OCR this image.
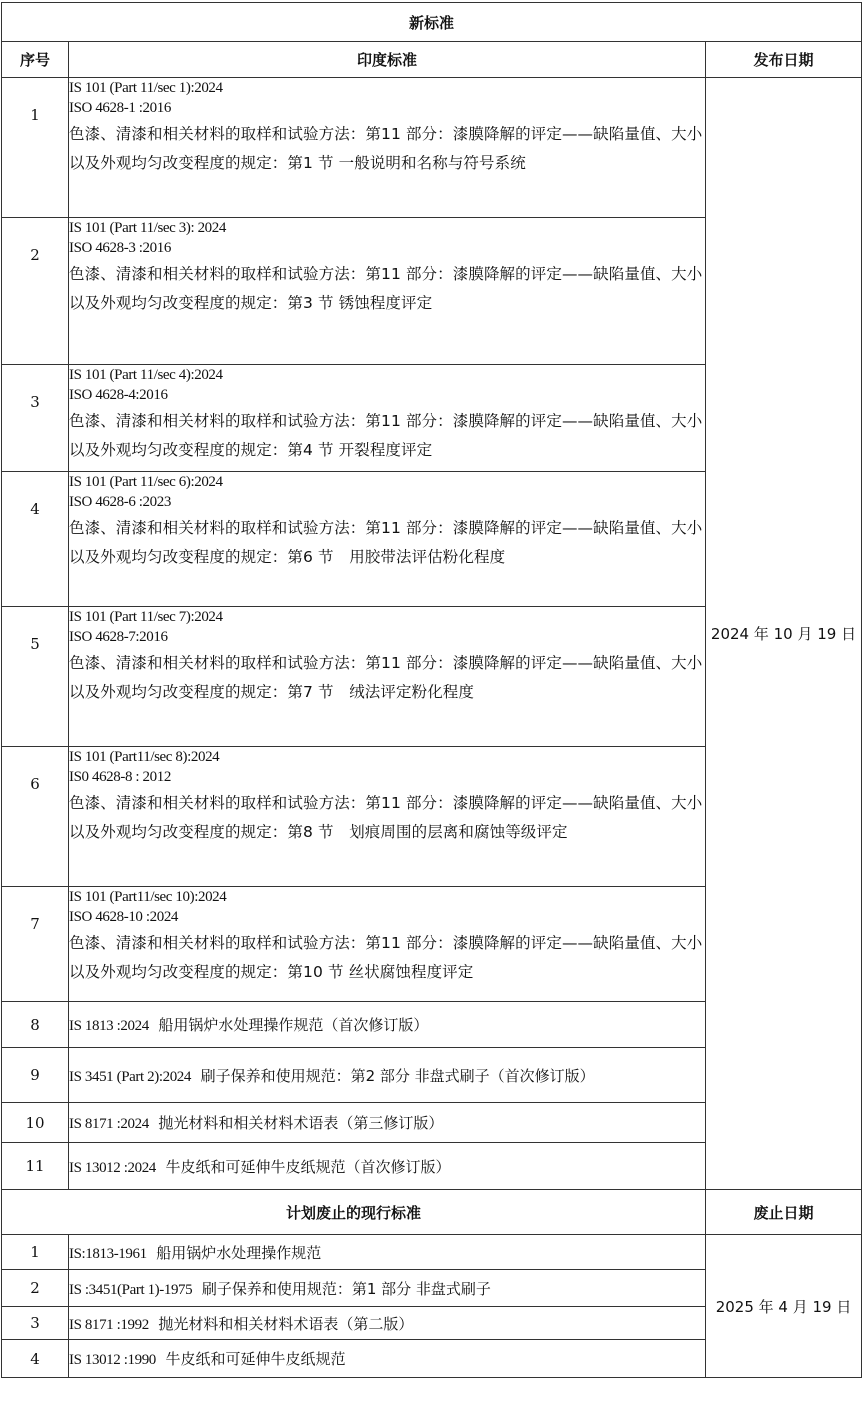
新标准		
序号	印度标准	发布日期
1	IS 101 (Part 11/sec 1):2024
ISO 4628-1 :2016
色漆、清漆和相关材料的取样和试验方法：第11 部分：漆膜降解的评定——缺陷量值、大小以及外观均匀改变程度的规定：第1 节 一般说明和名称与符号系统	2024 年 10 月 19 日
2	IS 101 (Part 11/sec 3): 2024
ISO 4628-3 :2016
色漆、清漆和相关材料的取样和试验方法：第11 部分：漆膜降解的评定——缺陷量值、大小以及外观均匀改变程度的规定：第3 节 锈蚀程度评定	

3	IS 101 (Part 11/sec 4):2024
ISO 4628-4:2016
色漆、清漆和相关材料的取样和试验方法：第11 部分：漆膜降解的评定——缺陷量值、大小以及外观均匀改变程度的规定：第4 节 开裂程度评定	

4	IS 101 (Part 11/sec 6):2024
ISO 4628-6 :2023
色漆、清漆和相关材料的取样和试验方法：第11 部分：漆膜降解的评定——缺陷量值、大小以及外观均匀改变程度的规定：第6 节　用胶带法评估粉化程度	

5	IS 101 (Part 11/sec 7):2024
ISO 4628-7:2016
色漆、清漆和相关材料的取样和试验方法：第11 部分：漆膜降解的评定——缺陷量值、大小以及外观均匀改变程度的规定：第7 节　绒法评定粉化程度	

6	IS 101 (Part11/sec 8):2024
IS0 4628-8 : 2012
色漆、清漆和相关材料的取样和试验方法：第11 部分：漆膜降解的评定——缺陷量值、大小以及外观均匀改变程度的规定：第8 节　划痕周围的层离和腐蚀等级评定	

7	IS 101 (Part11/sec 10):2024
ISO 4628-10 :2024
色漆、清漆和相关材料的取样和试验方法：第11 部分：漆膜降解的评定——缺陷量值、大小以及外观均匀改变程度的规定：第10 节 丝状腐蚀程度评定	

8	IS 1813 :2024 船用锅炉水处理操作规范（首次修订版）	
9	IS 3451 (Part 2):2024 刷子保养和使用规范：第2 部分 非盘式刷子（首次修订版）	
10	IS 8171 :2024 抛光材料和相关材料术语表（第三修订版）	
11	IS 13012 :2024 牛皮纸和可延伸牛皮纸规范（首次修订版）	
计划废止的现行标准		废止日期
1	IS:1813-1961 船用锅炉水处理操作规范	2025 年 4 月 19 日
2	IS :3451(Part 1)-1975 刷子保养和使用规范：第1 部分 非盘式刷子	
3	IS 8171 :1992 抛光材料和相关材料术语表（第二版）	
4	IS 13012 :1990 牛皮纸和可延伸牛皮纸规范	
